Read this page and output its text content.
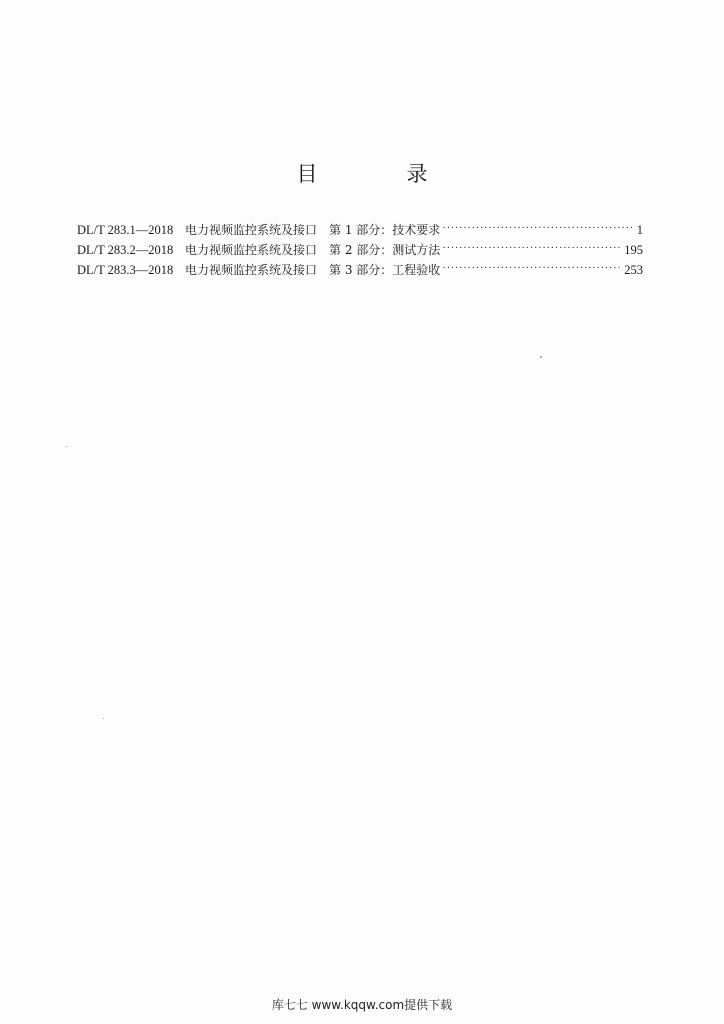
目　录
DL/T 283.1—2018 电力视频监控系统及接口 第 1 部分：技术要求 ·····	1
DL/T 283.2—2018 电力视频监控系统及接口 第 2 部分：测试方法 ·····	195
DL/T 283.3—2018 电力视频监控系统及接口 第 3 部分：工程验收 ·····	253
库七七 www.kqqw.com提供下载
